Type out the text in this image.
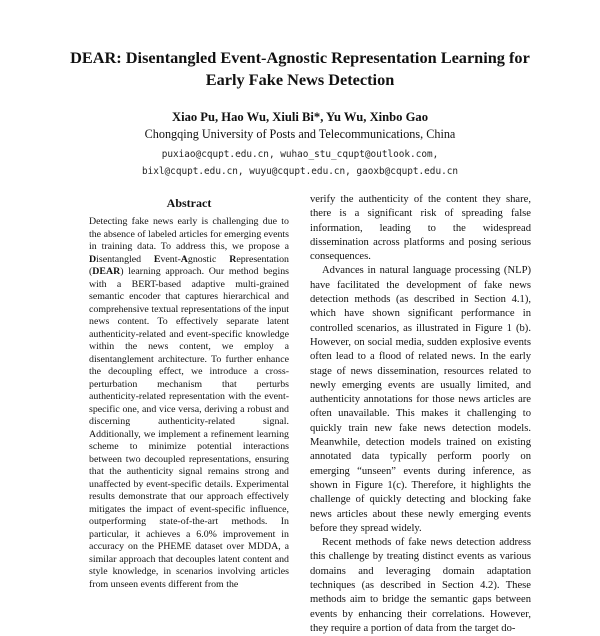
DEAR: Disentangled Event-Agnostic Representation Learning for
Early Fake News Detection
Xiao Pu, Hao Wu, Xiuli Bi*, Yu Wu, Xinbo Gao
Chongqing University of Posts and Telecommunications, China
puxiao@cqupt.edu.cn, wuhao_stu_cqupt@outlook.com,
bixl@cqupt.edu.cn, wuyu@cqupt.edu.cn, gaoxb@cqupt.edu.cn
Abstract
Detecting fake news early is challenging due to the absence of labeled articles for emerging events in training data. To address this, we propose a Disentangled Event-Agnostic Representation (DEAR) learning approach. Our method begins with a BERT-based adaptive multi-grained semantic encoder that captures hierarchical and comprehensive textual representations of the input news content. To effectively separate latent authenticity-related and event-specific knowledge within the news content, we employ a disentanglement architecture. To further enhance the decoupling effect, we introduce a cross-perturbation mechanism that perturbs authenticity-related representation with the event-specific one, and vice versa, deriving a robust and discerning authenticity-related signal. Additionally, we implement a refinement learning scheme to minimize potential interactions between two decoupled representations, ensuring that the authenticity signal remains strong and unaffected by event-specific details. Experimental results demonstrate that our approach effectively mitigates the impact of event-specific influence, outperforming state-of-the-art methods. In particular, it achieves a 6.0% improvement in accuracy on the PHEME dataset over MDDA, a similar approach that decouples latent content and style knowledge, in scenarios involving articles from unseen events different from the

verify the authenticity of the content they share, there is a significant risk of spreading false information, leading to the widespread dissemination across platforms and posing serious consequences.

Advances in natural language processing (NLP) have facilitated the development of fake news detection methods (as described in Section 4.1), which have shown significant performance in controlled scenarios, as illustrated in Figure 1 (b). However, on social media, sudden explosive events often lead to a flood of related news. In the early stage of news dissemination, resources related to newly emerging events are usually limited, and authenticity annotations for those news articles are often unavailable. This makes it challenging to quickly train new fake news detection models. Meanwhile, detection models trained on existing annotated data typically perform poorly on emerging “unseen” events during inference, as shown in Figure 1(c). Therefore, it highlights the challenge of quickly detecting and blocking fake news articles about these newly emerging events before they spread widely.

Recent methods of fake news detection address this challenge by treating distinct events as various domains and leveraging domain adaptation techniques (as described in Section 4.2). These methods aim to bridge the semantic gaps between events by enhancing their correlations. However, they require a portion of data from the target do-
